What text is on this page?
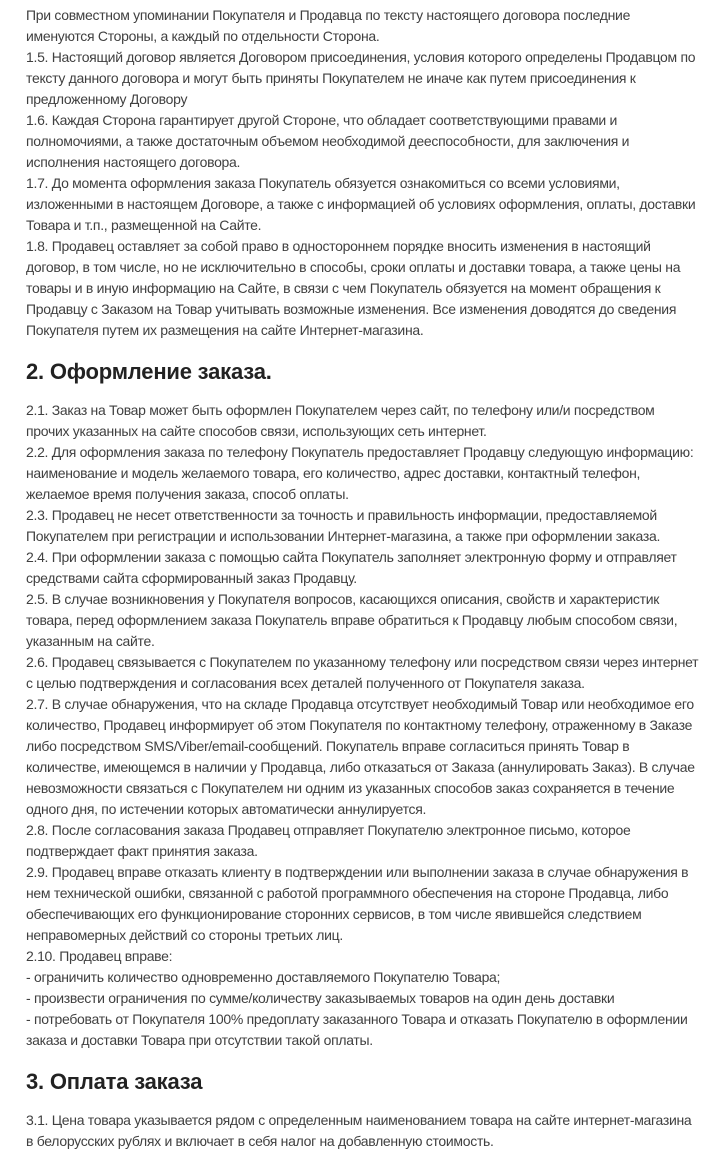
При совместном упоминании Покупателя и Продавца по тексту настоящего договора последние именуются Стороны, а каждый по отдельности Сторона.

1.5. Настоящий договор является Договором присоединения, условия которого определены Продавцом по тексту данного договора и могут быть приняты Покупателем не иначе как путем присоединения к предложенному Договору

1.6. Каждая Сторона гарантирует другой Стороне, что обладает соответствующими правами и полномочиями, а также достаточным объемом необходимой дееспособности, для заключения и исполнения настоящего договора.

1.7. До момента оформления заказа Покупатель обязуется ознакомиться со всеми условиями, изложенными в настоящем Договоре, а также с информацией об условиях оформления, оплаты, доставки Товара и т.п., размещенной на Сайте.

1.8. Продавец оставляет за собой право в одностороннем порядке вносить изменения в настоящий договор, в том числе, но не исключительно в способы, сроки оплаты и доставки товара, а также цены на товары и в иную информацию на Сайте, в связи с чем Покупатель обязуется на момент обращения к Продавцу с Заказом на Товар учитывать возможные изменения. Все изменения доводятся до сведения Покупателя путем их размещения на сайте Интернет-магазина.

2. Оформление заказа.

2.1. Заказ на Товар может быть оформлен Покупателем через сайт, по телефону или/и посредством прочих указанных на сайте способов связи, использующих сеть интернет.

2.2. Для оформления заказа по телефону Покупатель предоставляет Продавцу следующую информацию: наименование и модель желаемого товара, его количество, адрес доставки, контактный телефон, желаемое время получения заказа, способ оплаты.

2.3. Продавец не несет ответственности за точность и правильность информации, предоставляемой Покупателем при регистрации и использовании Интернет-магазина, а также при оформлении заказа.

2.4. При оформлении заказа с помощью сайта Покупатель заполняет электронную форму и отправляет средствами сайта сформированный заказ Продавцу.

2.5. В случае возникновения у Покупателя вопросов, касающихся описания, свойств и характеристик товара, перед оформлением заказа Покупатель вправе обратиться к Продавцу любым способом связи, указанным на сайте.

2.6. Продавец связывается с Покупателем по указанному телефону или посредством связи через интернет с целью подтверждения и согласования всех деталей полученного от Покупателя заказа.

2.7. В случае обнаружения, что на складе Продавца отсутствует необходимый Товар или необходимое его количество, Продавец информирует об этом Покупателя по контактному телефону, отраженному в Заказе либо посредством SMS/Viber/email-сообщений. Покупатель вправе согласиться принять Товар в количестве, имеющемся в наличии у Продавца, либо отказаться от Заказа (аннулировать Заказ). В случае невозможности связаться с Покупателем ни одним из указанных способов заказ сохраняется в течение одного дня, по истечении которых автоматически аннулируется.

2.8. После согласования заказа Продавец отправляет Покупателю электронное письмо, которое подтверждает факт принятия заказа.

2.9. Продавец вправе отказать клиенту в подтверждении или выполнении заказа в случае обнаружения в нем технической ошибки, связанной с работой программного обеспечения на стороне Продавца, либо обеспечивающих его функционирование сторонних сервисов, в том числе явившейся следствием неправомерных действий со стороны третьих лиц.

2.10. Продавец вправе:

- ограничить количество одновременно доставляемого Покупателю Товара;

- произвести ограничения по сумме/количеству заказываемых товаров на один день доставки

- потребовать от Покупателя 100% предоплату заказанного Товара и отказать Покупателю в оформлении заказа и доставки Товара при отсутствии такой оплаты.

3. Оплата заказа

3.1. Цена товара указывается рядом с определенным наименованием товара на сайте интернет-магазина в белорусских рублях и включает в себя налог на добавленную стоимость.
